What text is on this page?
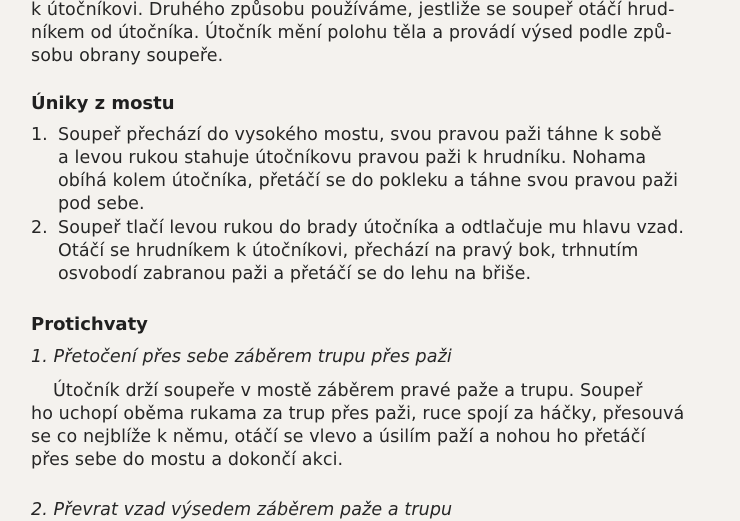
k útočníkovi. Druhého způsobu používáme, jestliže se soupeř otáčí hrud-
níkem od útočníka. Útočník mění polohu těla a provádí výsed podle způ-
sobu obrany soupeře.
Úniky z mostu
1. Soupeř přechází do vysokého mostu, svou pravou paži táhne k sobě
a levou rukou stahuje útočníkovu pravou paži k hrudníku. Nohama
obíhá kolem útočníka, přetáčí se do pokleku a táhne svou pravou paži
pod sebe.
2. Soupeř tlačí levou rukou do brady útočníka a odtlačuje mu hlavu vzad.
Otáčí se hrudníkem k útočníkovi, přechází na pravý bok, trhnutím
osvobodí zabranou paži a přetáčí se do lehu na břiše.
Protichvaty
1. Přetočení přes sebe záběrem trupu přes paži
Útočník drží soupeře v mostě záběrem pravé paže a trupu. Soupeř
ho uchopí oběma rukama za trup přes paži, ruce spojí za háčky, přesouvá
se co nejblíže k němu, otáčí se vlevo a úsilím paží a nohou ho přetáčí
přes sebe do mostu a dokončí akci.
2. Převrat vzad výsedem záběrem paže a trupu
